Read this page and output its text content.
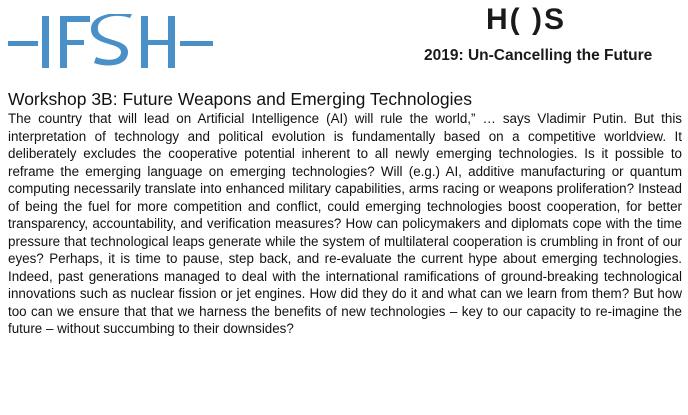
H( )S
2019: Un-Cancelling the Future
Workshop 3B: Future Weapons and Emerging Technologies

The country that will lead on Artificial Intelligence (AI) will rule the world,” … says Vladimir Putin. But this interpretation of technology and political evolution is fundamentally based on a competitive worldview. It deliberately excludes the cooperative potential inherent to all newly emerging technologies. Is it possible to reframe the emerging language on emerging technologies? Will (e.g.) AI, additive manufacturing or quantum computing necessarily translate into enhanced military capabilities, arms racing or weapons proliferation? Instead of being the fuel for more competition and conflict, could emerging technologies boost cooperation, for better transparency, accountability, and verification measures? How can policymakers and diplomats cope with the time pressure that technological leaps generate while the system of multilateral cooperation is crumbling in front of our eyes? Perhaps, it is time to pause, step back, and re-evaluate the current hype about emerging technologies. Indeed, past generations managed to deal with the international ramifications of ground-breaking technological innovations such as nuclear fission or jet engines. How did they do it and what can we learn from them? But how too can we ensure that that we harness the benefits of new technologies – key to our capacity to re-imagine the future – without succumbing to their downsides?
